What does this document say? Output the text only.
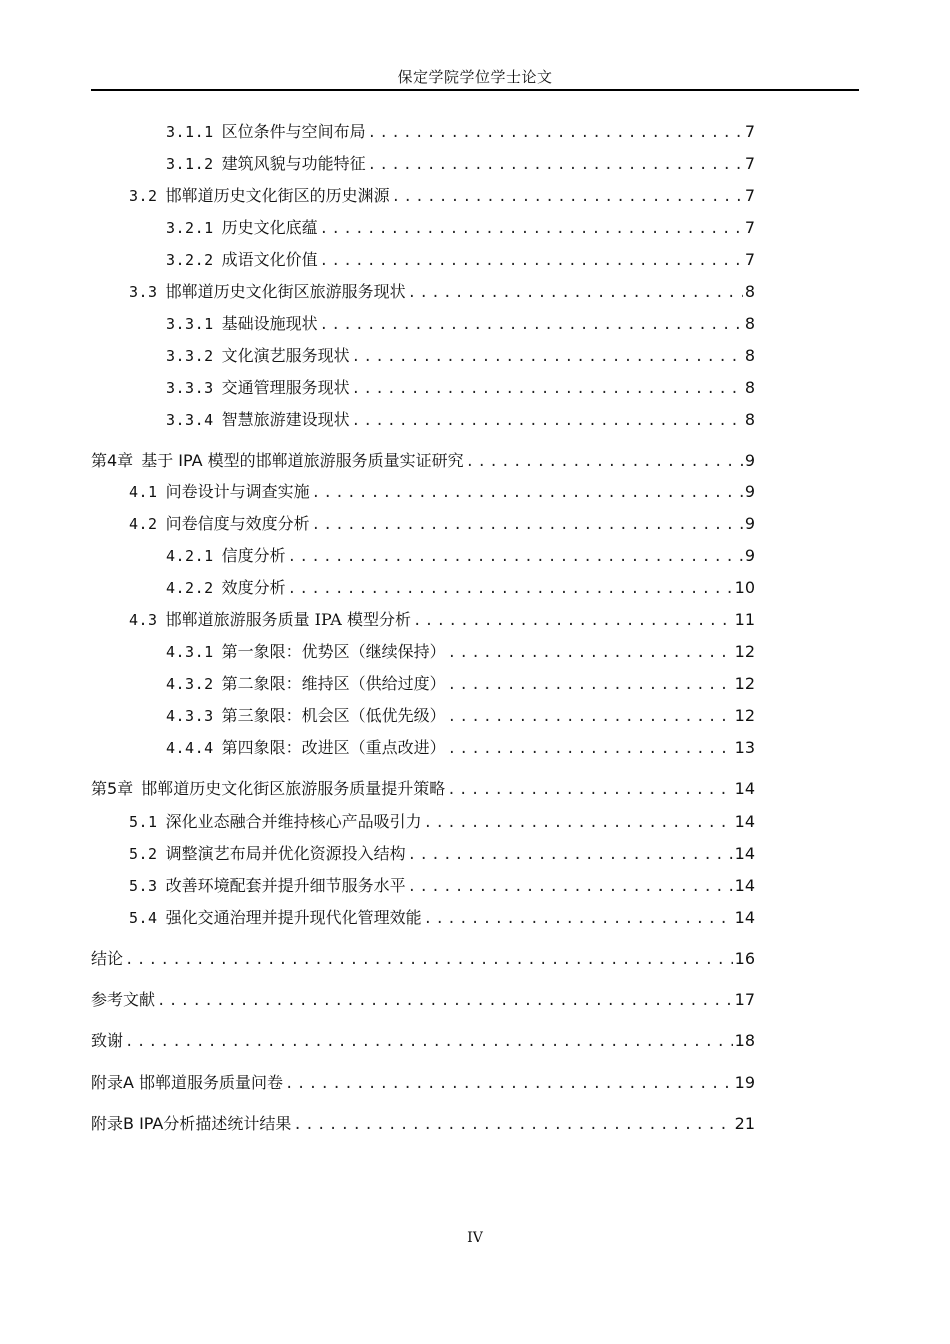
保定学院学位学士论文
3.1.1 区位条件与空间布局 .....	7
3.1.2 建筑风貌与功能特征 .....	7
3.2 邯郸道历史文化街区的历史渊源 .....	7
3.2.1 历史文化底蕴 .....	7
3.2.2 成语文化价值 .....	7
3.3 邯郸道历史文化街区旅游服务现状 .....	8
3.3.1 基础设施现状 .....	8
3.3.2 文化演艺服务现状 .....	8
3.3.3 交通管理服务现状 .....	8
3.3.4 智慧旅游建设现状 .....	8
第4章 基于 IPA 模型的邯郸道旅游服务质量实证研究 .....	9
4.1 问卷设计与调查实施 .....	9
4.2 问卷信度与效度分析 .....	9
4.2.1 信度分析 .....	9
4.2.2 效度分析 .....	10
4.3 邯郸道旅游服务质量 IPA 模型分析 .....	11
4.3.1 第一象限：优势区（继续保持） .....	12
4.3.2 第二象限：维持区（供给过度） .....	12
4.3.3 第三象限：机会区（低优先级） .....	12
4.4.4 第四象限：改进区（重点改进） .....	13
第5章 邯郸道历史文化街区旅游服务质量提升策略 .....	14
5.1 深化业态融合并维持核心产品吸引力 .....	14
5.2 调整演艺布局并优化资源投入结构 .....	14
5.3 改善环境配套并提升细节服务水平 .....	14
5.4 强化交通治理并提升现代化管理效能 .....	14
结论 .....	16
参考文献 .....	17
致谢 .....	18
附录A 邯郸道服务质量问卷 .....	19
附录B IPA分析描述统计结果 .....	21
IV
